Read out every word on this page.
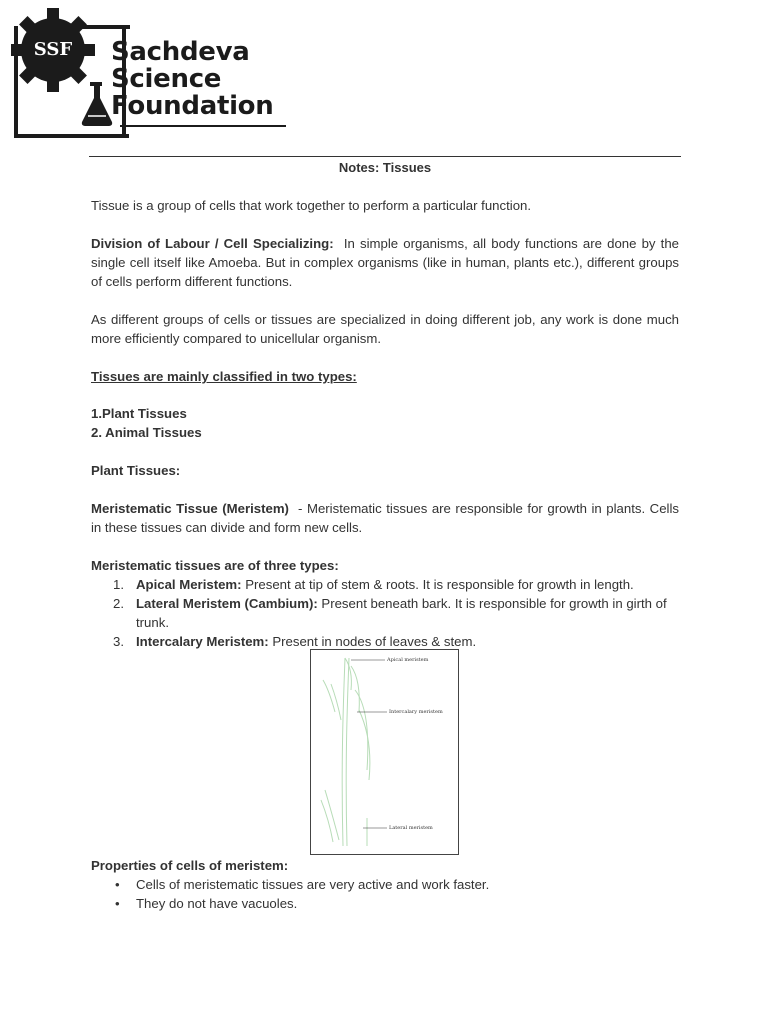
SSF	Sachdeva
Science
Foundation
Notes: Tissues
Tissue is a group of cells that work together to perform a particular function.
Division of Labour / Cell Specializing: In simple organisms, all body functions are done by the single cell itself like Amoeba. But in complex organisms (like in human, plants etc.), different groups of cells perform different functions.
As different groups of cells or tissues are specialized in doing different job, any work is done much more efficiently compared to unicellular organism.
Tissues are mainly classified in two types:
1.Plant Tissues
2. Animal Tissues
Plant Tissues:
Meristematic Tissue (Meristem) - Meristematic tissues are responsible for growth in plants. Cells in these tissues can divide and form new cells.
Meristematic tissues are of three types:
1. Apical Meristem: Present at tip of stem & roots. It is responsible for growth in length.
2. Lateral Meristem (Cambium): Present beneath bark. It is responsible for growth in girth of trunk.
3. Intercalary Meristem: Present in nodes of leaves & stem.
Apical meristem
Intercalary meristem
Lateral meristem
Properties of cells of meristem:
• Cells of meristematic tissues are very active and work faster.
• They do not have vacuoles.
